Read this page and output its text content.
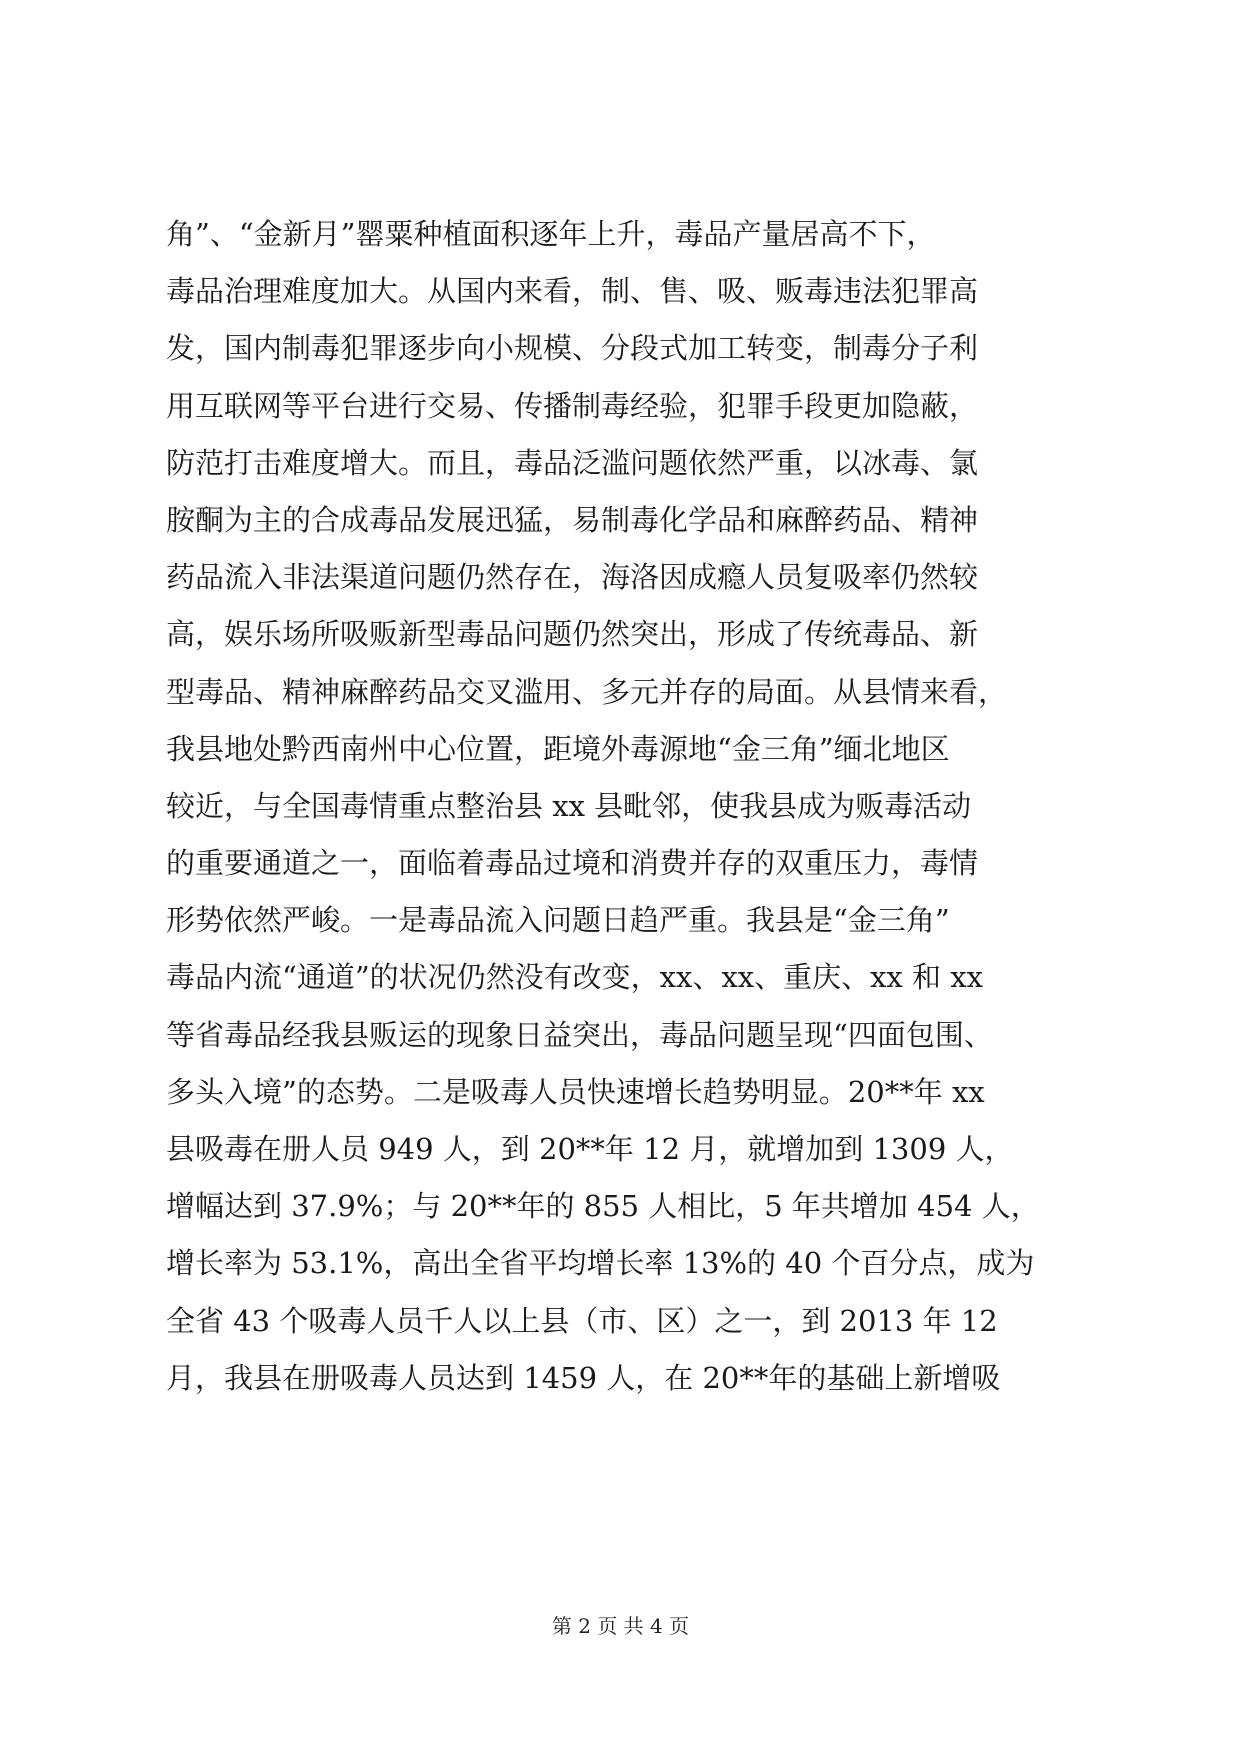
角”、“金新月”罂粟种植面积逐年上升，毒品产量居高不下，
毒品治理难度加大。从国内来看，制、售、吸、贩毒违法犯罪高
发，国内制毒犯罪逐步向小规模、分段式加工转变，制毒分子利
用互联网等平台进行交易、传播制毒经验，犯罪手段更加隐蔽，
防范打击难度增大。而且，毒品泛滥问题依然严重，以冰毒、氯
胺酮为主的合成毒品发展迅猛，易制毒化学品和麻醉药品、精神
药品流入非法渠道问题仍然存在，海洛因成瘾人员复吸率仍然较
高，娱乐场所吸贩新型毒品问题仍然突出，形成了传统毒品、新
型毒品、精神麻醉药品交叉滥用、多元并存的局面。从县情来看，
我县地处黔西南州中心位置，距境外毒源地“金三角”缅北地区
较近，与全国毒情重点整治县 xx 县毗邻，使我县成为贩毒活动
的重要通道之一，面临着毒品过境和消费并存的双重压力，毒情
形势依然严峻。一是毒品流入问题日趋严重。我县是“金三角”
毒品内流“通道”的状况仍然没有改变，xx、xx、重庆、xx 和 xx
等省毒品经我县贩运的现象日益突出，毒品问题呈现“四面包围、
多头入境”的态势。二是吸毒人员快速增长趋势明显。20**年 xx
县吸毒在册人员 949 人，到 20**年 12 月，就增加到 1309 人，
增幅达到 37.9%；与 20**年的 855 人相比，5 年共增加 454 人，
增长率为 53.1%，高出全省平均增长率 13%的 40 个百分点，成为
全省 43 个吸毒人员千人以上县（市、区）之一，到 2013 年 12
月，我县在册吸毒人员达到 1459 人，在 20**年的基础上新增吸
第 2 页 共 4 页
